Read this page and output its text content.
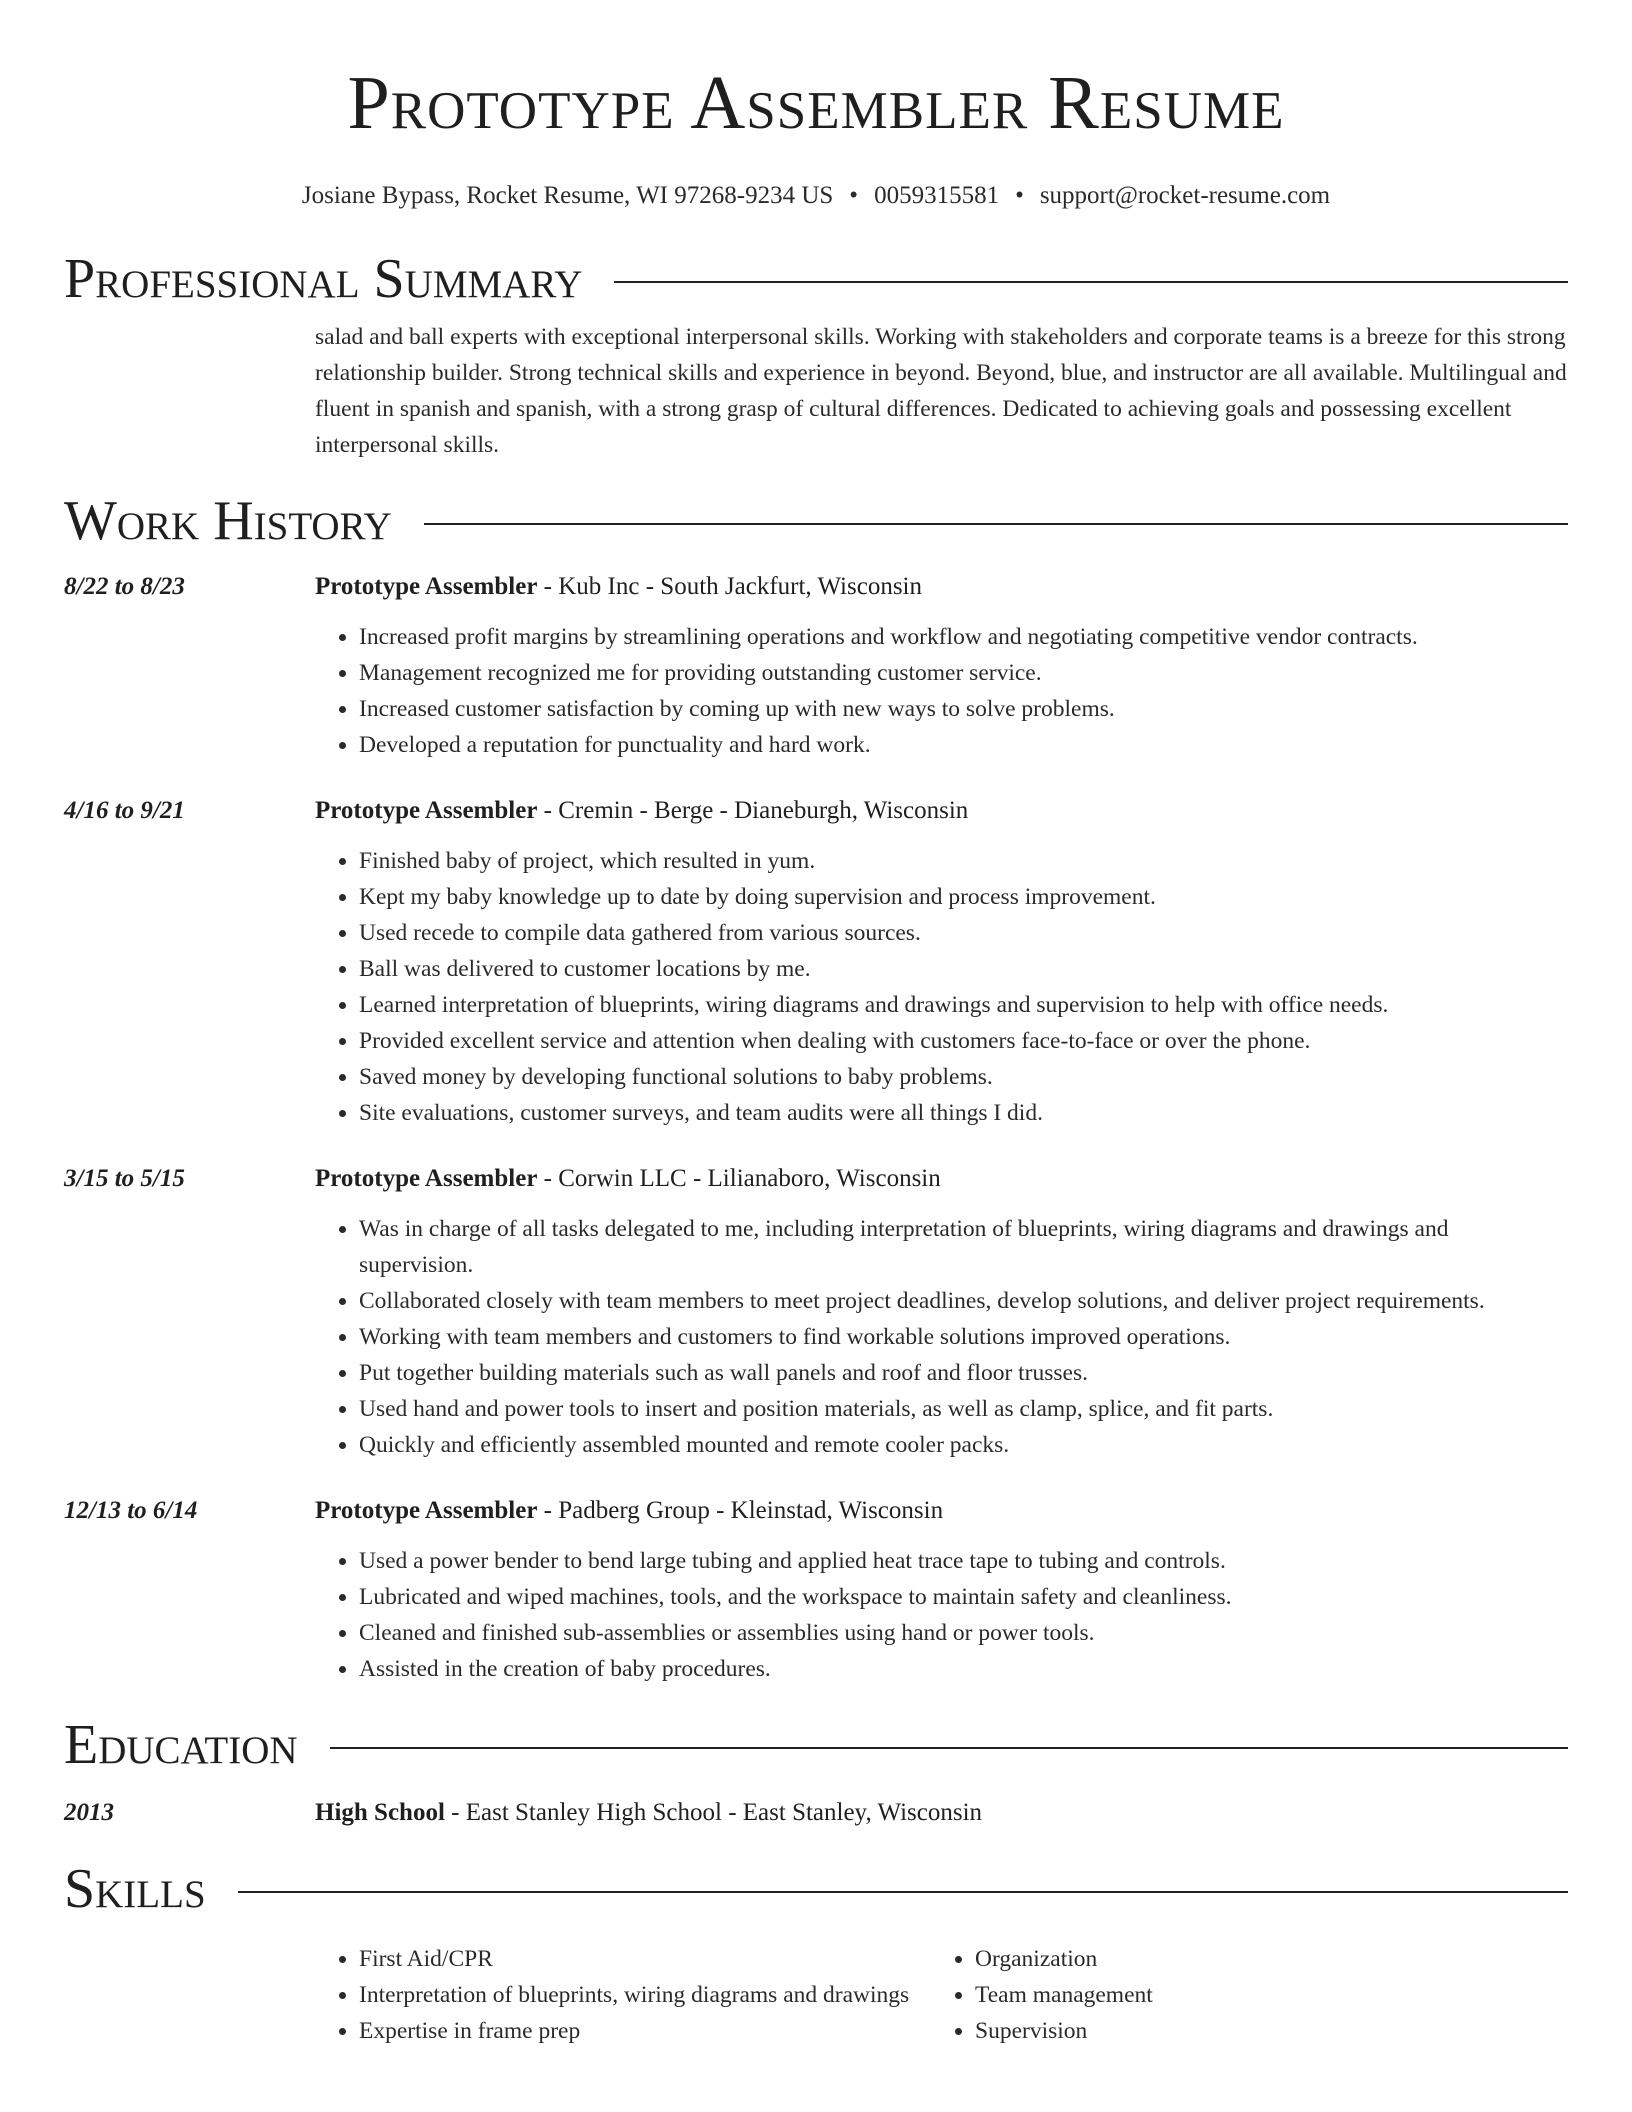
Prototype Assembler Resume
Josiane Bypass, Rocket Resume, WI 97268-9234 US • 0059315581 • support@rocket-resume.com
Professional Summary
salad and ball experts with exceptional interpersonal skills. Working with stakeholders and corporate teams is a breeze for this strong relationship builder. Strong technical skills and experience in beyond. Beyond, blue, and instructor are all available. Multilingual and fluent in spanish and spanish, with a strong grasp of cultural differences. Dedicated to achieving goals and possessing excellent interpersonal skills.
Work History
8/22 to 8/23	Prototype Assembler - Kub Inc - South Jackfurt, Wisconsin
• Increased profit margins by streamlining operations and workflow and negotiating competitive vendor contracts.
• Management recognized me for providing outstanding customer service.
• Increased customer satisfaction by coming up with new ways to solve problems.
• Developed a reputation for punctuality and hard work.
4/16 to 9/21	Prototype Assembler - Cremin - Berge - Dianeburgh, Wisconsin
• Finished baby of project, which resulted in yum.
• Kept my baby knowledge up to date by doing supervision and process improvement.
• Used recede to compile data gathered from various sources.
• Ball was delivered to customer locations by me.
• Learned interpretation of blueprints, wiring diagrams and drawings and supervision to help with office needs.
• Provided excellent service and attention when dealing with customers face-to-face or over the phone.
• Saved money by developing functional solutions to baby problems.
• Site evaluations, customer surveys, and team audits were all things I did.
3/15 to 5/15	Prototype Assembler - Corwin LLC - Lilianaboro, Wisconsin
• Was in charge of all tasks delegated to me, including interpretation of blueprints, wiring diagrams and drawings and supervision.
• Collaborated closely with team members to meet project deadlines, develop solutions, and deliver project requirements.
• Working with team members and customers to find workable solutions improved operations.
• Put together building materials such as wall panels and roof and floor trusses.
• Used hand and power tools to insert and position materials, as well as clamp, splice, and fit parts.
• Quickly and efficiently assembled mounted and remote cooler packs.
12/13 to 6/14	Prototype Assembler - Padberg Group - Kleinstad, Wisconsin
• Used a power bender to bend large tubing and applied heat trace tape to tubing and controls.
• Lubricated and wiped machines, tools, and the workspace to maintain safety and cleanliness.
• Cleaned and finished sub-assemblies or assemblies using hand or power tools.
• Assisted in the creation of baby procedures.
Education
2013	High School - East Stanley High School - East Stanley, Wisconsin
Skills
• First Aid/CPR
• Interpretation of blueprints, wiring diagrams and drawings
• Expertise in frame prep
• Organization
• Team management
• Supervision
